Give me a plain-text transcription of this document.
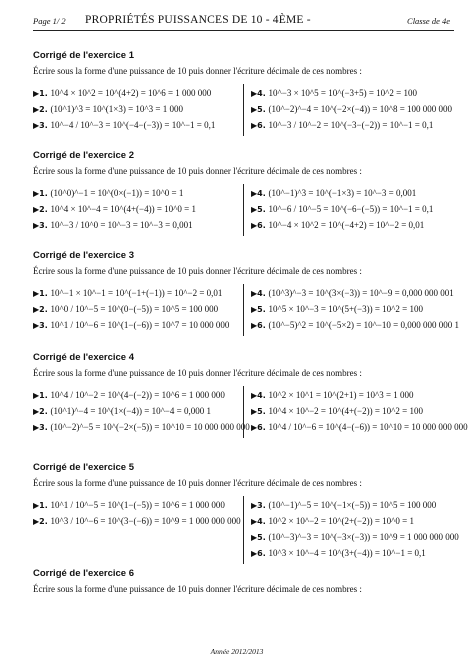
Page 1/ 2 PROPRIÉTÉS PUISSANCES DE 10 - 4ÈME -	Classe de 4e
Corrigé de l'exercice 1

Écrire sous la forme d'une puissance de 10 puis donner l'écriture décimale de ces nombres :

▶1. 10^4 × 10^2 = 10^(4+2) = 10^6 = 1 000 000
▶2. (10^1)^3 = 10^(1×3) = 10^3 = 1 000
▶3. 10^−4 / 10^−3 = 10^(−4−(−3)) = 10^−1 = 0,1
▶4. 10^−3 × 10^5 = 10^(−3+5) = 10^2 = 100
▶5. (10^−2)^−4 = 10^(−2×(−4)) = 10^8 = 100 000 000
▶6. 10^−3 / 10^−2 = 10^(−3−(−2)) = 10^−1 = 0,1
Corrigé de l'exercice 2

Écrire sous la forme d'une puissance de 10 puis donner l'écriture décimale de ces nombres :

▶1. (10^0)^−1 = 10^(0×(−1)) = 10^0 = 1
▶2. 10^4 × 10^−4 = 10^(4+(−4)) = 10^0 = 1
▶3. 10^−3 / 10^0 = 10^−3 = 10^−3 = 0,001
▶4. (10^−1)^3 = 10^(−1×3) = 10^−3 = 0,001
▶5. 10^−6 / 10^−5 = 10^(−6−(−5)) = 10^−1 = 0,1
▶6. 10^−4 × 10^2 = 10^(−4+2) = 10^−2 = 0,01
Corrigé de l'exercice 3

Écrire sous la forme d'une puissance de 10 puis donner l'écriture décimale de ces nombres :

▶1. 10^−1 × 10^−1 = 10^(−1+(−1)) = 10^−2 = 0,01
▶2. 10^0 / 10^−5 = 10^(0−(−5)) = 10^5 = 100 000
▶3. 10^1 / 10^−6 = 10^(1−(−6)) = 10^7 = 10 000 000
▶4. (10^3)^−3 = 10^(3×(−3)) = 10^−9 = 0,000 000 001
▶5. 10^5 × 10^−3 = 10^(5+(−3)) = 10^2 = 100
▶6. (10^−5)^2 = 10^(−5×2) = 10^−10 = 0,000 000 000 1
Corrigé de l'exercice 4

Écrire sous la forme d'une puissance de 10 puis donner l'écriture décimale de ces nombres :

▶1. 10^4 / 10^−2 = 10^(4−(−2)) = 10^6 = 1 000 000
▶2. (10^1)^−4 = 10^(1×(−4)) = 10^−4 = 0,000 1
▶3. (10^−2)^−5 = 10^(−2×(−5)) = 10^10 = 10 000 000 000
▶4. 10^2 × 10^1 = 10^(2+1) = 10^3 = 1 000
▶5. 10^4 × 10^−2 = 10^(4+(−2)) = 10^2 = 100
▶6. 10^4 / 10^−6 = 10^(4−(−6)) = 10^10 = 10 000 000 000
Corrigé de l'exercice 5

Écrire sous la forme d'une puissance de 10 puis donner l'écriture décimale de ces nombres :

▶1. 10^1 / 10^−5 = 10^(1−(−5)) = 10^6 = 1 000 000
▶2. 10^3 / 10^−6 = 10^(3−(−6)) = 10^9 = 1 000 000 000
▶3. (10^−1)^−5 = 10^(−1×(−5)) = 10^5 = 100 000
▶4. 10^2 × 10^−2 = 10^(2+(−2)) = 10^0 = 1
▶5. (10^−3)^−3 = 10^(−3×(−3)) = 10^9 = 1 000 000 000
▶6. 10^3 × 10^−4 = 10^(3+(−4)) = 10^−1 = 0,1
Corrigé de l'exercice 6

Écrire sous la forme d'une puissance de 10 puis donner l'écriture décimale de ces nombres :

Année 2012/2013
